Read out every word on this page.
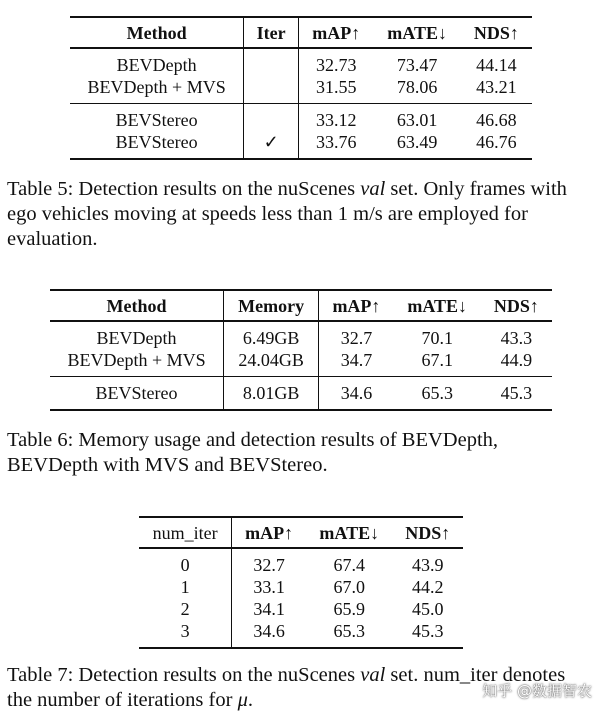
Method	Iter	mAP↑	mATE↓	NDS↑
BEVDepth		32.73	73.47	44.14
BEVDepth + MVS		31.55	78.06	43.21
BEVStereo		33.12	63.01	46.68
BEVStereo	✓	33.76	63.49	46.76
Table 5: Detection results on the nuScenes val set. Only frames with ego vehicles moving at speeds less than 1 m/s are employed for evaluation.
Method	Memory	mAP↑	mATE↓	NDS↑
BEVDepth	6.49GB	32.7	70.1	43.3
BEVDepth + MVS	24.04GB	34.7	67.1	44.9
BEVStereo	8.01GB	34.6	65.3	45.3
Table 6: Memory usage and detection results of BEVDepth, BEVDepth with MVS and BEVStereo.
num_iter	mAP↑	mATE↓	NDS↑
0	32.7	67.4	43.9
1	33.1	67.0	44.2
2	34.1	65.9	45.0
3	34.6	65.3	45.3
Table 7: Detection results on the nuScenes val set. num_iter denotes the number of iterations for μ.	知乎 @数据智农
